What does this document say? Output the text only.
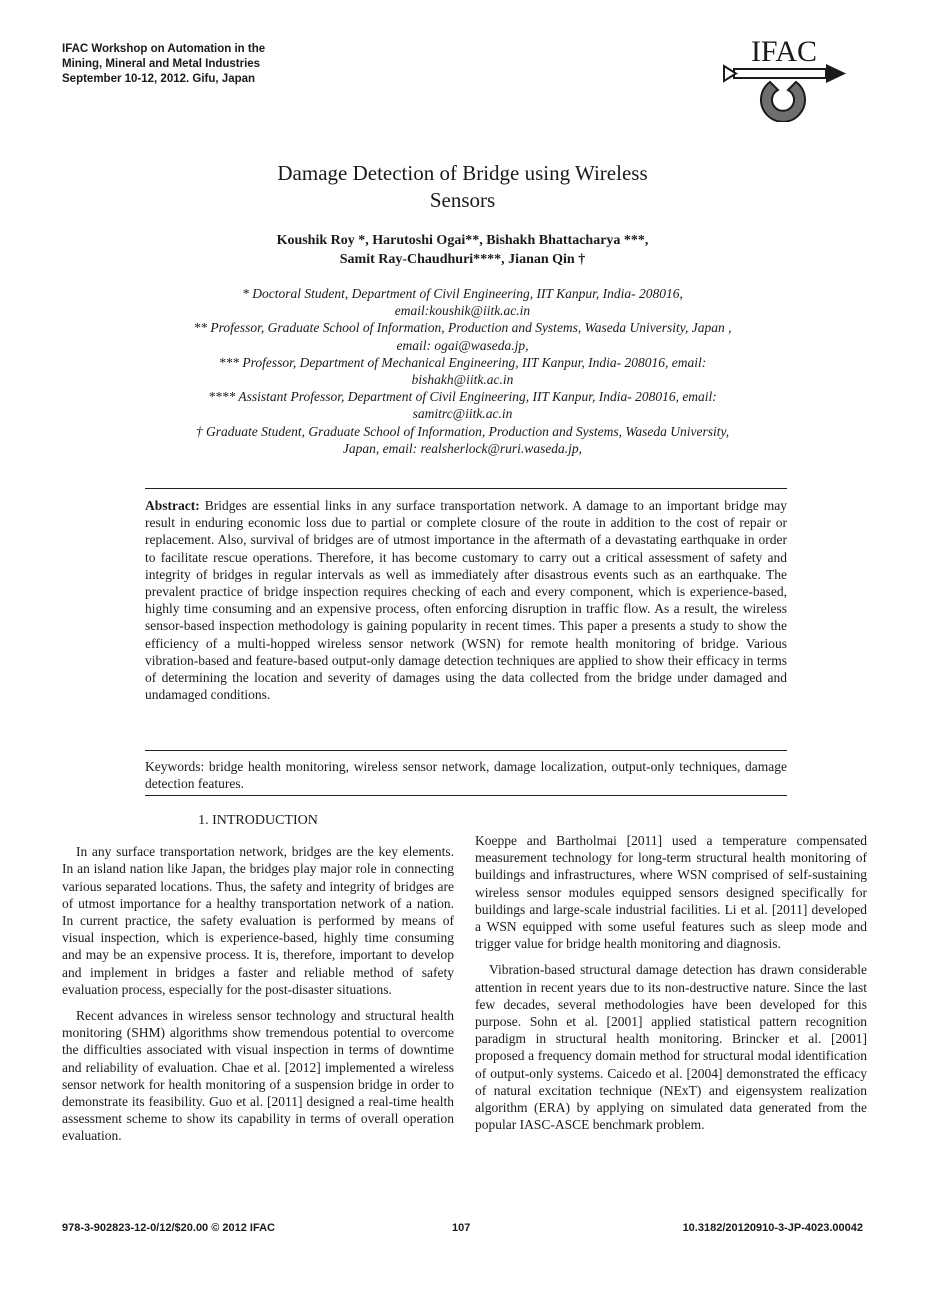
IFAC Workshop on Automation in the
Mining, Mineral and Metal Industries
September 10-12, 2012. Gifu, Japan
IFAC
Damage Detection of Bridge using Wireless
Sensors
Koushik Roy *, Harutoshi Ogai**, Bishakh Bhattacharya ***,
Samit Ray-Chaudhuri****, Jianan Qin †

* Doctoral Student, Department of Civil Engineering, IIT Kanpur, India- 208016, email:koushik@iitk.ac.in

** Professor, Graduate School of Information, Production and Systems, Waseda University, Japan , email: ogai@waseda.jp,

*** Professor, Department of Mechanical Engineering, IIT Kanpur, India- 208016, email: bishakh@iitk.ac.in

**** Assistant Professor, Department of Civil Engineering, IIT Kanpur, India- 208016, email: samitrc@iitk.ac.in

† Graduate Student, Graduate School of Information, Production and Systems, Waseda University, Japan, email: realsherlock@ruri.waseda.jp,

Abstract: Bridges are essential links in any surface transportation network. A damage to an important bridge may result in enduring economic loss due to partial or complete closure of the route in addition to the cost of repair or replacement. Also, survival of bridges are of utmost importance in the aftermath of a devastating earthquake in order to facilitate rescue operations. Therefore, it has become customary to carry out a critical assessment of safety and integrity of bridges in regular intervals as well as immediately after disastrous events such as an earthquake. The prevalent practice of bridge inspection requires checking of each and every component, which is experience-based, highly time consuming and an expensive process, often enforcing disruption in traffic flow. As a result, the wireless sensor-based inspection methodology is gaining popularity in recent times. This paper a presents a study to show the efficiency of a multi-hopped wireless sensor network (WSN) for remote health monitoring of bridge. Various vibration-based and feature-based output-only damage detection techniques are applied to show their efficacy in terms of determining the location and severity of damages using the data collected from the bridge under damaged and undamaged conditions.

Keywords: bridge health monitoring, wireless sensor network, damage localization, output-only techniques, damage detection features.

1. INTRODUCTION

In any surface transportation network, bridges are the key elements. In an island nation like Japan, the bridges play major role in connecting various separated locations. Thus, the safety and integrity of bridges are of utmost importance for a healthy transportation network of a nation. In current practice, the safety evaluation is performed by means of visual inspection, which is experience-based, highly time consuming and may be an expensive process. It is, therefore, important to develop and implement in bridges a faster and reliable method of safety evaluation process, especially for the post-disaster situations.

Recent advances in wireless sensor technology and structural health monitoring (SHM) algorithms show tremendous potential to overcome the difficulties associated with visual inspection in terms of downtime and reliability of evaluation. Chae et al. [2012] implemented a wireless sensor network for health monitoring of a suspension bridge in order to demonstrate its feasibility. Guo et al. [2011] designed a real-time health assessment scheme to show its capability in terms of overall operation evaluation.

Koeppe and Bartholmai [2011] used a temperature compensated measurement technology for long-term structural health monitoring of buildings and infrastructures, where WSN comprised of self-sustaining wireless sensor modules equipped sensors designed specifically for buildings and large-scale industrial facilities. Li et al. [2011] developed a WSN equipped with some useful features such as sleep mode and trigger value for bridge health monitoring and diagnosis.

Vibration-based structural damage detection has drawn considerable attention in recent years due to its non-destructive nature. Since the last few decades, several methodologies have been developed for this purpose. Sohn et al. [2001] applied statistical pattern recognition paradigm in structural health monitoring. Brincker et al. [2001] proposed a frequency domain method for structural modal identification of output-only systems. Caicedo et al. [2004] demonstrated the efficacy of natural excitation technique (NExT) and eigensystem realization algorithm (ERA) by applying on simulated data generated from the popular IASC-ASCE benchmark problem.

978-3-902823-12-0/12/$20.00 © 2012 IFAC	107	10.3182/20120910-3-JP-4023.00042
